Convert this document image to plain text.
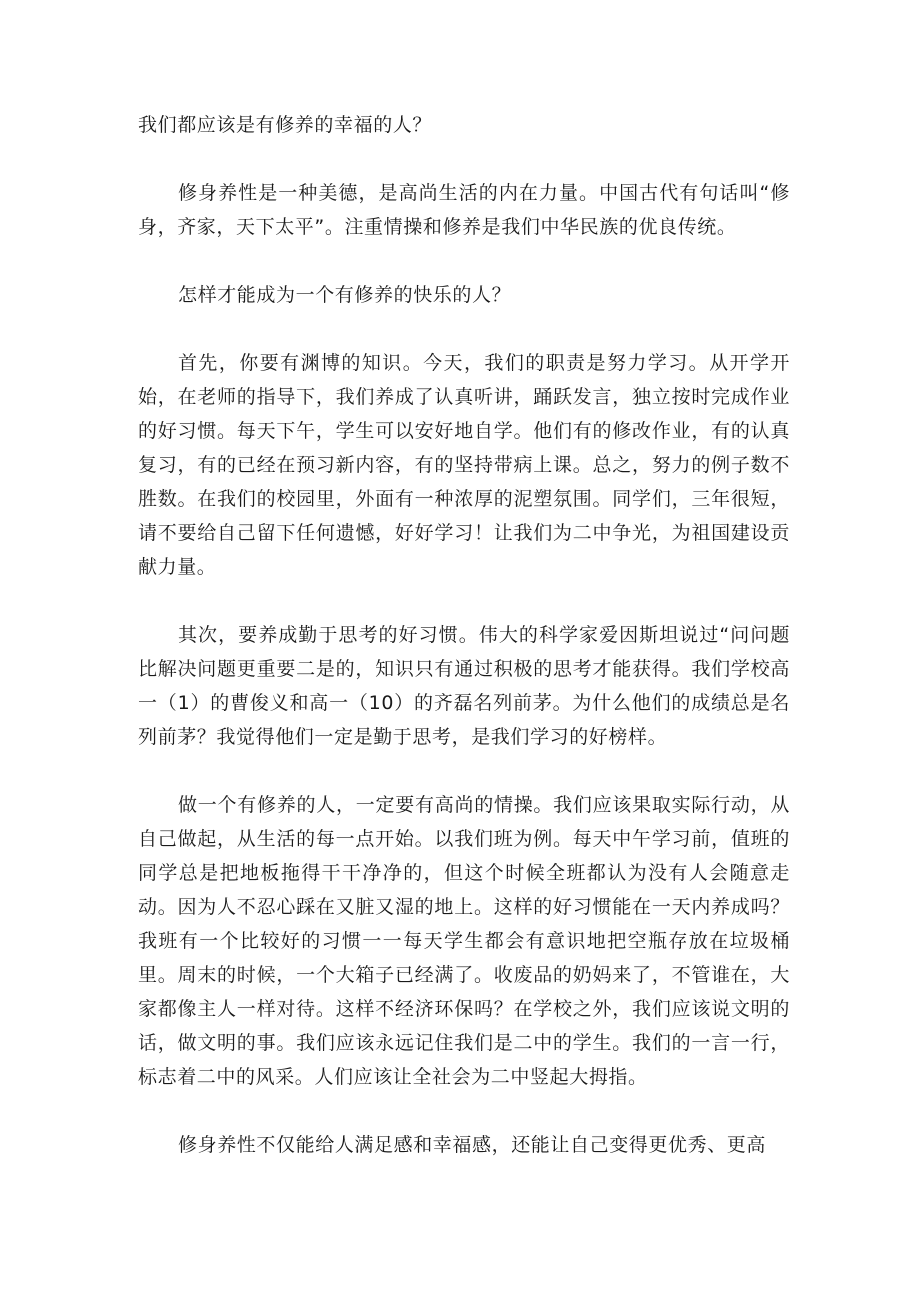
我们都应该是有修养的幸福的人？

修身养性是一种美德，是高尚生活的内在力量。中国古代有句话叫“修身，齐家，天下太平”。注重情操和修养是我们中华民族的优良传统。

怎样才能成为一个有修养的快乐的人？

首先，你要有渊博的知识。今天，我们的职责是努力学习。从开学开始，在老师的指导下，我们养成了认真听讲，踊跃发言，独立按时完成作业的好习惯。每天下午，学生可以安好地自学。他们有的修改作业，有的认真复习，有的已经在预习新内容，有的坚持带病上课。总之，努力的例子数不胜数。在我们的校园里，外面有一种浓厚的泥塑氛围。同学们，三年很短，请不要给自己留下任何遗憾，好好学习！让我们为二中争光，为祖国建设贡献力量。

其次，要养成勤于思考的好习惯。伟大的科学家爱因斯坦说过“问问题比解决问题更重要二是的，知识只有通过积极的思考才能获得。我们学校高一（1）的曹俊义和高一（10）的齐磊名列前茅。为什么他们的成绩总是名列前茅？我觉得他们一定是勤于思考，是我们学习的好榜样。

做一个有修养的人，一定要有高尚的情操。我们应该果取实际行动，从自己做起，从生活的每一点开始。以我们班为例。每天中午学习前，值班的同学总是把地板拖得干干净净的，但这个时候全班都认为没有人会随意走动。因为人不忍心踩在又脏又湿的地上。这样的好习惯能在一天内养成吗？我班有一个比较好的习惯一一每天学生都会有意识地把空瓶存放在垃圾桶里。周末的时候，一个大箱子已经满了。收废品的奶妈来了，不管谁在，大家都像主人一样对待。这样不经济环保吗？在学校之外，我们应该说文明的话，做文明的事。我们应该永远记住我们是二中的学生。我们的一言一行，标志着二中的风采。人们应该让全社会为二中竖起大拇指。

修身养性不仅能给人满足感和幸福感，还能让自己变得更优秀、更高
